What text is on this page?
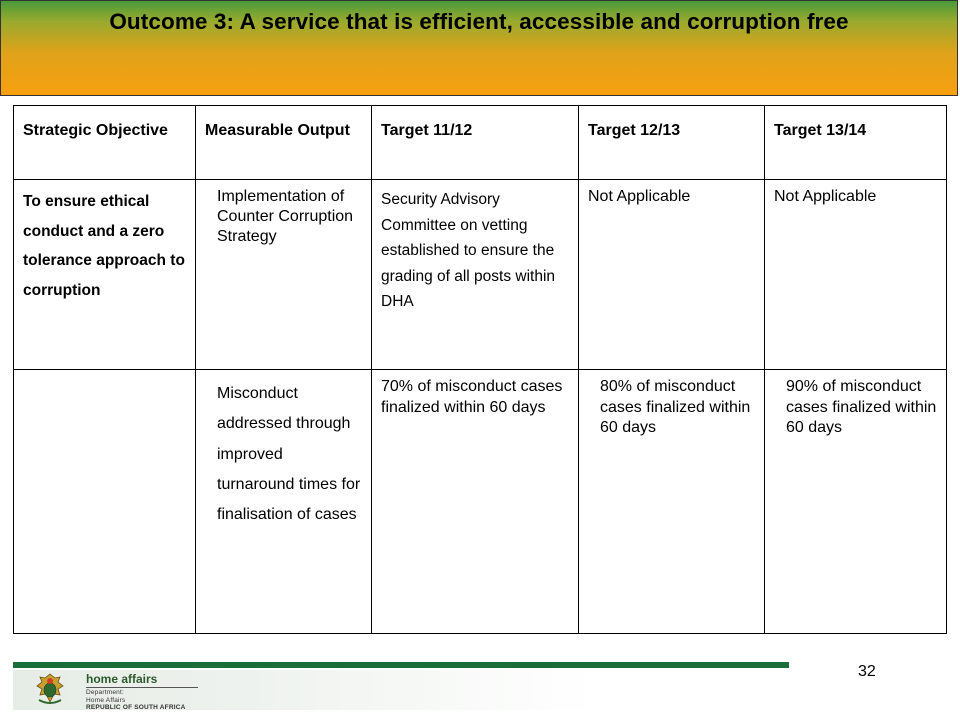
Outcome 3: A service that is efficient, accessible and corruption free
Strategic Objective	Measurable Output	Target 11/12	Target 12/13	Target 13/14

To ensure ethical conduct and a zero tolerance approach to corruption	Implementation of Counter Corruption Strategy	Security Advisory Committee on vetting established to ensure the grading of all posts within DHA	Not Applicable	Not Applicable

	Misconduct addressed through improved turnaround times for finalisation of cases	70% of misconduct cases finalized within 60 days	80% of misconduct cases finalized within 60 days	90% of misconduct cases finalized within 60 days
32
home affairs
Department:
Home Affairs
REPUBLIC OF SOUTH AFRICA
